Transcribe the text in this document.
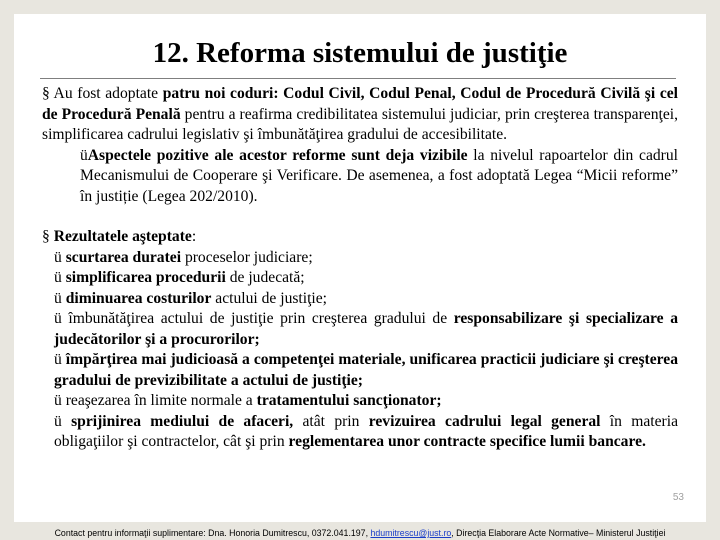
12. Reforma sistemului de justiţie

§ Au fost adoptate patru noi coduri: Codul Civil, Codul Penal, Codul de Procedură Civilă şi cel de Procedură Penală pentru a reafirma credibilitatea sistemului judiciar, prin creşterea transparenţei, simplificarea cadrului legislativ şi îmbunătăţirea gradului de accesibilitate.

üAspectele pozitive ale acestor reforme sunt deja vizibile la nivelul rapoartelor din cadrul Mecanismului de Cooperare şi Verificare. De asemenea, a fost adoptată Legea “Micii reforme” în justiție (Legea 202/2010).

§ Rezultatele aşteptate:

ü scurtarea duratei proceselor judiciare;

ü simplificarea procedurii de judecată;

ü diminuarea costurilor actului de justiţie;

ü îmbunătăţirea actului de justiţie prin creşterea gradului de responsabilizare şi specializare a judecătorilor şi a procurorilor;

ü împărţirea mai judicioasă a competenţei materiale, unificarea practicii judiciare şi creşterea gradului de previzibilitate a actului de justiţie;

ü reaşezarea în limite normale a tratamentului sancţionator;

ü sprijinirea mediului de afaceri, atât prin revizuirea cadrului legal general în materia obligaţiilor şi contractelor, cât şi prin reglementarea unor contracte specifice lumii bancare.

53
Contact pentru informaţii suplimentare: Dna. Honoria Dumitrescu, 0372.041.197, hdumitrescu@just.ro, Direcţia Elaborare Acte Normative– Ministerul Justiţiei
